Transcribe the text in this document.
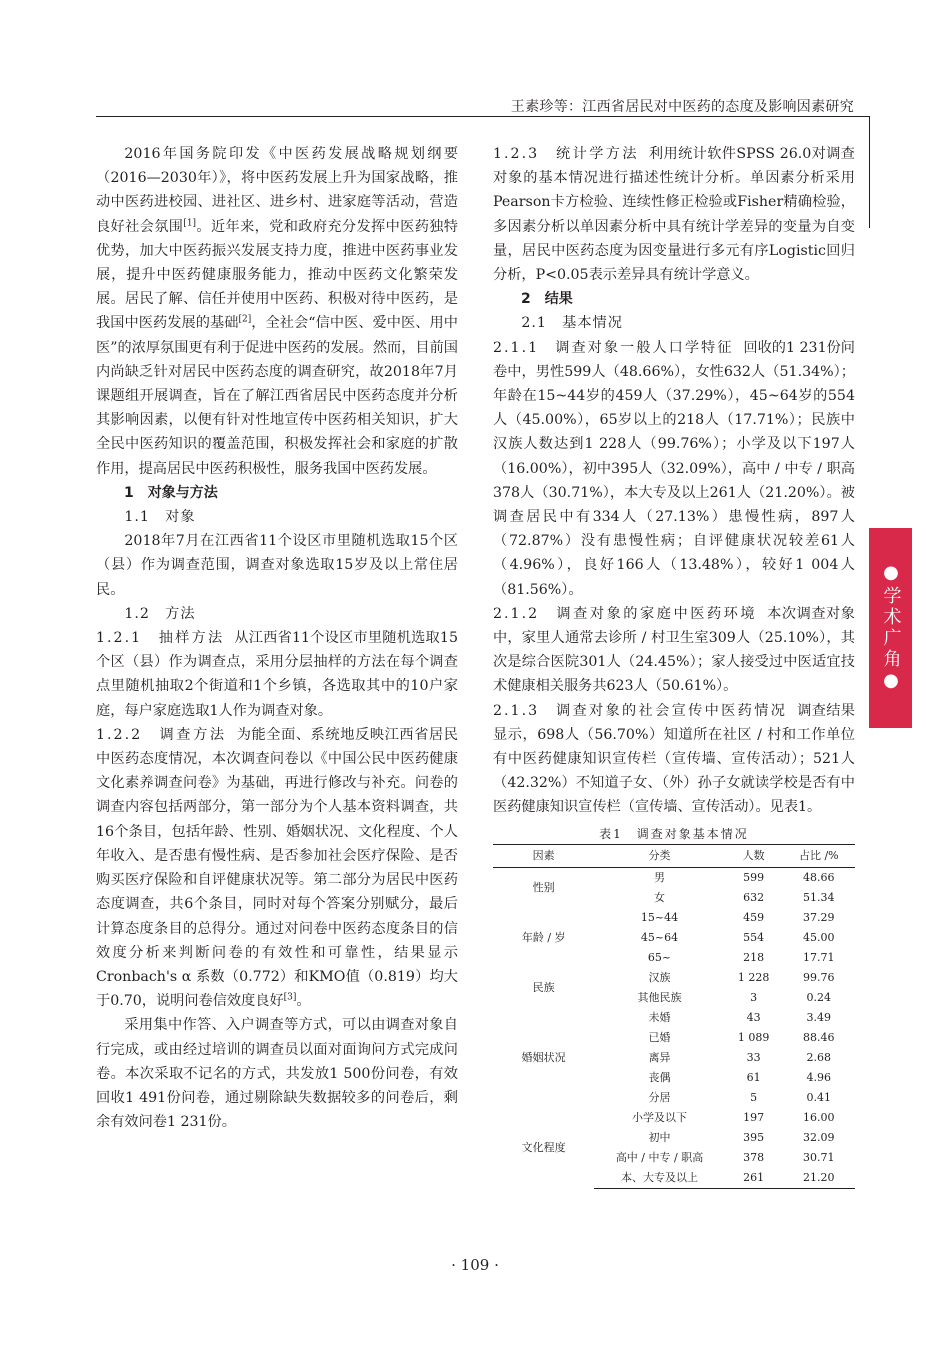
王素珍等：江西省居民对中医药的态度及影响因素研究
●学术广角●

2016年国务院印发《中医药发展战略规划纲要（2016—2030年）》，将中医药发展上升为国家战略，推动中医药进校园、进社区、进乡村、进家庭等活动，营造良好社会氛围[1]。近年来，党和政府充分发挥中医药独特优势，加大中医药振兴发展支持力度，推进中医药事业发展，提升中医药健康服务能力，推动中医药文化繁荣发展。居民了解、信任并使用中医药、积极对待中医药，是我国中医药发展的基础[2]，全社会“信中医、爱中医、用中医”的浓厚氛围更有利于促进中医药的发展。然而，目前国内尚缺乏针对居民中医药态度的调查研究，故2018年7月课题组开展调查，旨在了解江西省居民中医药态度并分析其影响因素，以便有针对性地宣传中医药相关知识，扩大全民中医药知识的覆盖范围，积极发挥社会和家庭的扩散作用，提高居民中医药积极性，服务我国中医药发展。

1　对象与方法

1.1　对象

2018年7月在江西省11个设区市里随机选取15个区（县）作为调查范围，调查对象选取15岁及以上常住居民。

1.2　方法

1.2.1　抽样方法 从江西省11个设区市里随机选取15个区（县）作为调查点，采用分层抽样的方法在每个调查点里随机抽取2个街道和1个乡镇，各选取其中的10户家庭，每户家庭选取1人作为调查对象。

1.2.2　调查方法 为能全面、系统地反映江西省居民中医药态度情况，本次调查问卷以《中国公民中医药健康文化素养调查问卷》为基础，再进行修改与补充。问卷的调查内容包括两部分，第一部分为个人基本资料调查，共16个条目，包括年龄、性别、婚姻状况、文化程度、个人年收入、是否患有慢性病、是否参加社会医疗保险、是否购买医疗保险和自评健康状况等。第二部分为居民中医药态度调查，共6个条目，同时对每个答案分别赋分，最后计算态度条目的总得分。通过对问卷中医药态度条目的信效度分析来判断问卷的有效性和可靠性，结果显示Cronbach's α 系数（0.772）和KMO值（0.819）均大于0.70，说明问卷信效度良好[3]。

采用集中作答、入户调查等方式，可以由调查对象自行完成，或由经过培训的调查员以面对面询问方式完成问卷。本次采取不记名的方式，共发放1 500份问卷，有效回收1 491份问卷，通过剔除缺失数据较多的问卷后，剩余有效问卷1 231份。

1.2.3　统计学方法 利用统计软件SPSS 26.0对调查对象的基本情况进行描述性统计分析。单因素分析采用Pearson卡方检验、连续性修正检验或Fisher精确检验，多因素分析以单因素分析中具有统计学差异的变量为自变量，居民中医药态度为因变量进行多元有序Logistic回归分析，P<0.05表示差异具有统计学意义。

2　结果

2.1　基本情况

2.1.1　调查对象一般人口学特征 回收的1 231份问卷中，男性599人（48.66%），女性632人（51.34%）；年龄在15~44岁的459人（37.29%），45~64岁的554人（45.00%），65岁以上的218人（17.71%）；民族中汉族人数达到1 228人（99.76%）；小学及以下197人（16.00%），初中395人（32.09%），高中 / 中专 / 职高378人（30.71%），本大专及以上261人（21.20%）。被调查居民中有334人（27.13%）患慢性病，897人（72.87%）没有患慢性病；自评健康状况较差61人（4.96%），良好166人（13.48%），较好1 004人（81.56%）。

2.1.2　调查对象的家庭中医药环境 本次调查对象中，家里人通常去诊所 / 村卫生室309人（25.10%），其次是综合医院301人（24.45%）；家人接受过中医适宜技术健康相关服务共623人（50.61%）。

2.1.3　调查对象的社会宣传中医药情况 调查结果显示，698人（56.70%）知道所在社区 / 村和工作单位有中医药健康知识宣传栏（宣传墙、宣传活动）；521人（42.32%）不知道子女、（外）孙子女就读学校是否有中医药健康知识宣传栏（宣传墙、宣传活动）。见表1。

表1　调查对象基本情况
因素	分类	人数	占比 /%
性别	男	599	48.66
	女	632	51.34
年龄 / 岁	15~44	459	37.29
	45~64	554	45.00
	65~	218	17.71
民族	汉族	1 228	99.76
	其他民族	3	0.24
婚姻状况	未婚	43	3.49
	已婚	1 089	88.46
	离异	33	2.68
	丧偶	61	4.96
	分居	5	0.41
文化程度	小学及以下	197	16.00
	初中	395	32.09
	高中 / 中专 / 职高	378	30.71
	本、大专及以上	261	21.20
· 109 ·
